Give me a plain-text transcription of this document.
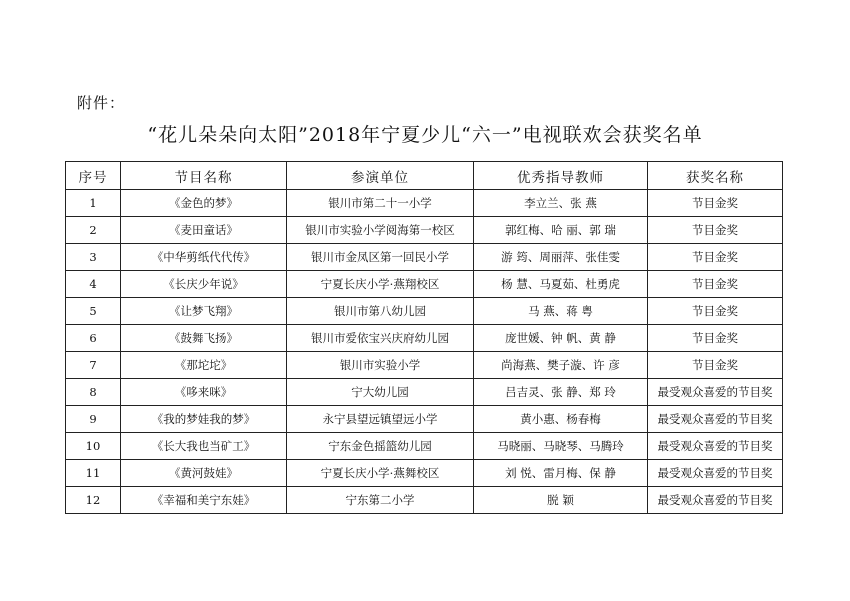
附件：
“花儿朵朵向太阳”2018年宁夏少儿“六一”电视联欢会获奖名单
序号	节目名称	参演单位	优秀指导教师	获奖名称
1	《金色的梦》	银川市第二十一小学	李立兰、张 燕	节目金奖
2	《麦田童话》	银川市实验小学阅海第一校区	郭红梅、哈 丽、郭 瑞	节目金奖
3	《中华剪纸代代传》	银川市金凤区第一回民小学	游 筠、周丽萍、张佳雯	节目金奖
4	《长庆少年说》	宁夏长庆小学·燕翔校区	杨 慧、马夏茹、杜勇虎	节目金奖
5	《让梦飞翔》	银川市第八幼儿园	马 燕、蒋 粤	节目金奖
6	《鼓舞飞扬》	银川市爱依宝兴庆府幼儿园	庞世媛、钟 帆、黄 静	节目金奖
7	《那坨坨》	银川市实验小学	尚海燕、樊子漩、许 彦	节目金奖
8	《哆来咪》	宁大幼儿园	吕吉灵、张 静、郑 玲	最受观众喜爱的节目奖
9	《我的梦娃我的梦》	永宁县望远镇望远小学	黄小惠、杨春梅	最受观众喜爱的节目奖
10	《长大我也当矿工》	宁东金色摇篮幼儿园	马晓丽、马晓琴、马腾玲	最受观众喜爱的节目奖
11	《黄河鼓娃》	宁夏长庆小学·燕舞校区	刘 悦、雷月梅、保 静	最受观众喜爱的节目奖
12	《幸福和美宁东娃》	宁东第二小学	脱 颖	最受观众喜爱的节目奖
